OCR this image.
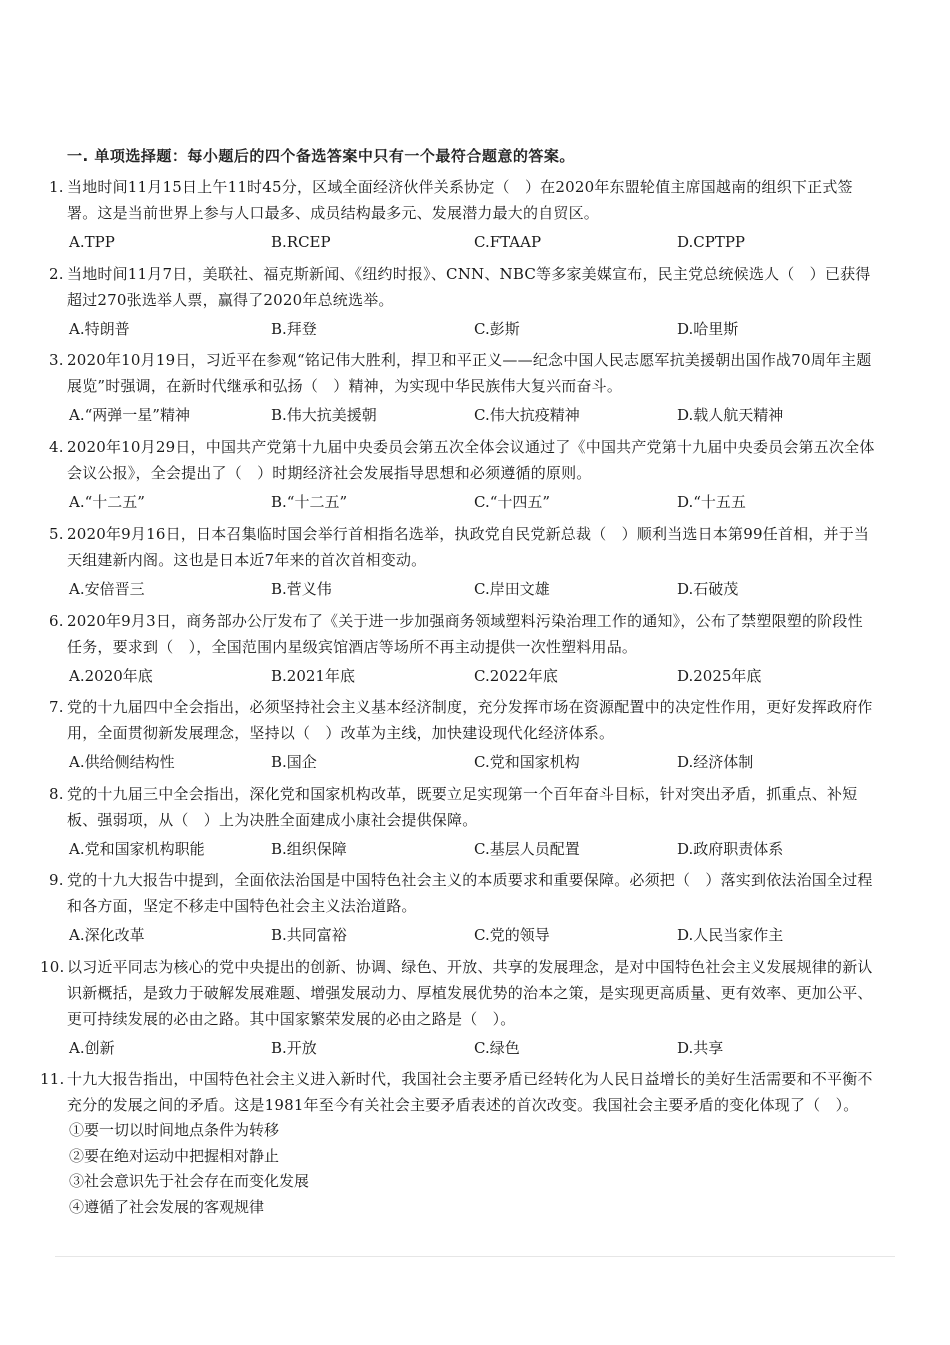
一. 单项选择题：每小题后的四个备选答案中只有一个最符合题意的答案。
1. 当地时间11月15日上午11时45分，区域全面经济伙伴关系协定（　）在2020年东盟轮值主席国越南的组织下正式签署。这是当前世界上参与人口最多、成员结构最多元、发展潜力最大的自贸区。
A.TPP	B.RCEP	C.FTAAP	D.CPTPP
2. 当地时间11月7日，美联社、福克斯新闻、《纽约时报》、CNN、NBC等多家美媒宣布，民主党总统候选人（　）已获得超过270张选举人票，赢得了2020年总统选举。
A.特朗普	B.拜登	C.彭斯	D.哈里斯
3. 2020年10月19日，习近平在参观“铭记伟大胜利，捍卫和平正义——纪念中国人民志愿军抗美援朝出国作战70周年主题展览”时强调，在新时代继承和弘扬（　）精神，为实现中华民族伟大复兴而奋斗。
A.“两弹一星”精神	B.伟大抗美援朝	C.伟大抗疫精神	D.载人航天精神
4. 2020年10月29日，中国共产党第十九届中央委员会第五次全体会议通过了《中国共产党第十九届中央委员会第五次全体会议公报》，全会提出了（　）时期经济社会发展指导思想和必须遵循的原则。
A.“十二五”	B.“十二五”	C.“十四五”	D.“十五五
5. 2020年9月16日，日本召集临时国会举行首相指名选举，执政党自民党新总裁（　）顺利当选日本第99任首相，并于当天组建新内阁。这也是日本近7年来的首次首相变动。
A.安倍晋三	B.菅义伟	C.岸田文雄	D.石破茂
6. 2020年9月3日，商务部办公厅发布了《关于进一步加强商务领域塑料污染治理工作的通知》，公布了禁塑限塑的阶段性任务，要求到（　），全国范围内星级宾馆酒店等场所不再主动提供一次性塑料用品。
A.2020年底	B.2021年底	C.2022年底	D.2025年底
7. 党的十九届四中全会指出，必须坚持社会主义基本经济制度，充分发挥市场在资源配置中的决定性作用，更好发挥政府作用，全面贯彻新发展理念，坚持以（　）改革为主线，加快建设现代化经济体系。
A.供给侧结构性	B.国企	C.党和国家机构	D.经济体制
8. 党的十九届三中全会指出，深化党和国家机构改革，既要立足实现第一个百年奋斗目标，针对突出矛盾，抓重点、补短板、强弱项，从（　）上为决胜全面建成小康社会提供保障。
A.党和国家机构职能	B.组织保障	C.基层人员配置	D.政府职责体系
9. 党的十九大报告中提到，全面依法治国是中国特色社会主义的本质要求和重要保障。必须把（　）落实到依法治国全过程和各方面，坚定不移走中国特色社会主义法治道路。
A.深化改革	B.共同富裕	C.党的领导	D.人民当家作主
10. 以习近平同志为核心的党中央提出的创新、协调、绿色、开放、共享的发展理念，是对中国特色社会主义发展规律的新认识新概括，是致力于破解发展难题、增强发展动力、厚植发展优势的治本之策，是实现更高质量、更有效率、更加公平、更可持续发展的必由之路。其中国家繁荣发展的必由之路是（　）。
A.创新	B.开放	C.绿色	D.共享
11. 十九大报告指出，中国特色社会主义进入新时代，我国社会主要矛盾已经转化为人民日益增长的美好生活需要和不平衡不充分的发展之间的矛盾。这是1981年至今有关社会主要矛盾表述的首次改变。我国社会主要矛盾的变化体现了（　）。
①要一切以时间地点条件为转移
②要在绝对运动中把握相对静止
③社会意识先于社会存在而变化发展
④遵循了社会发展的客观规律
